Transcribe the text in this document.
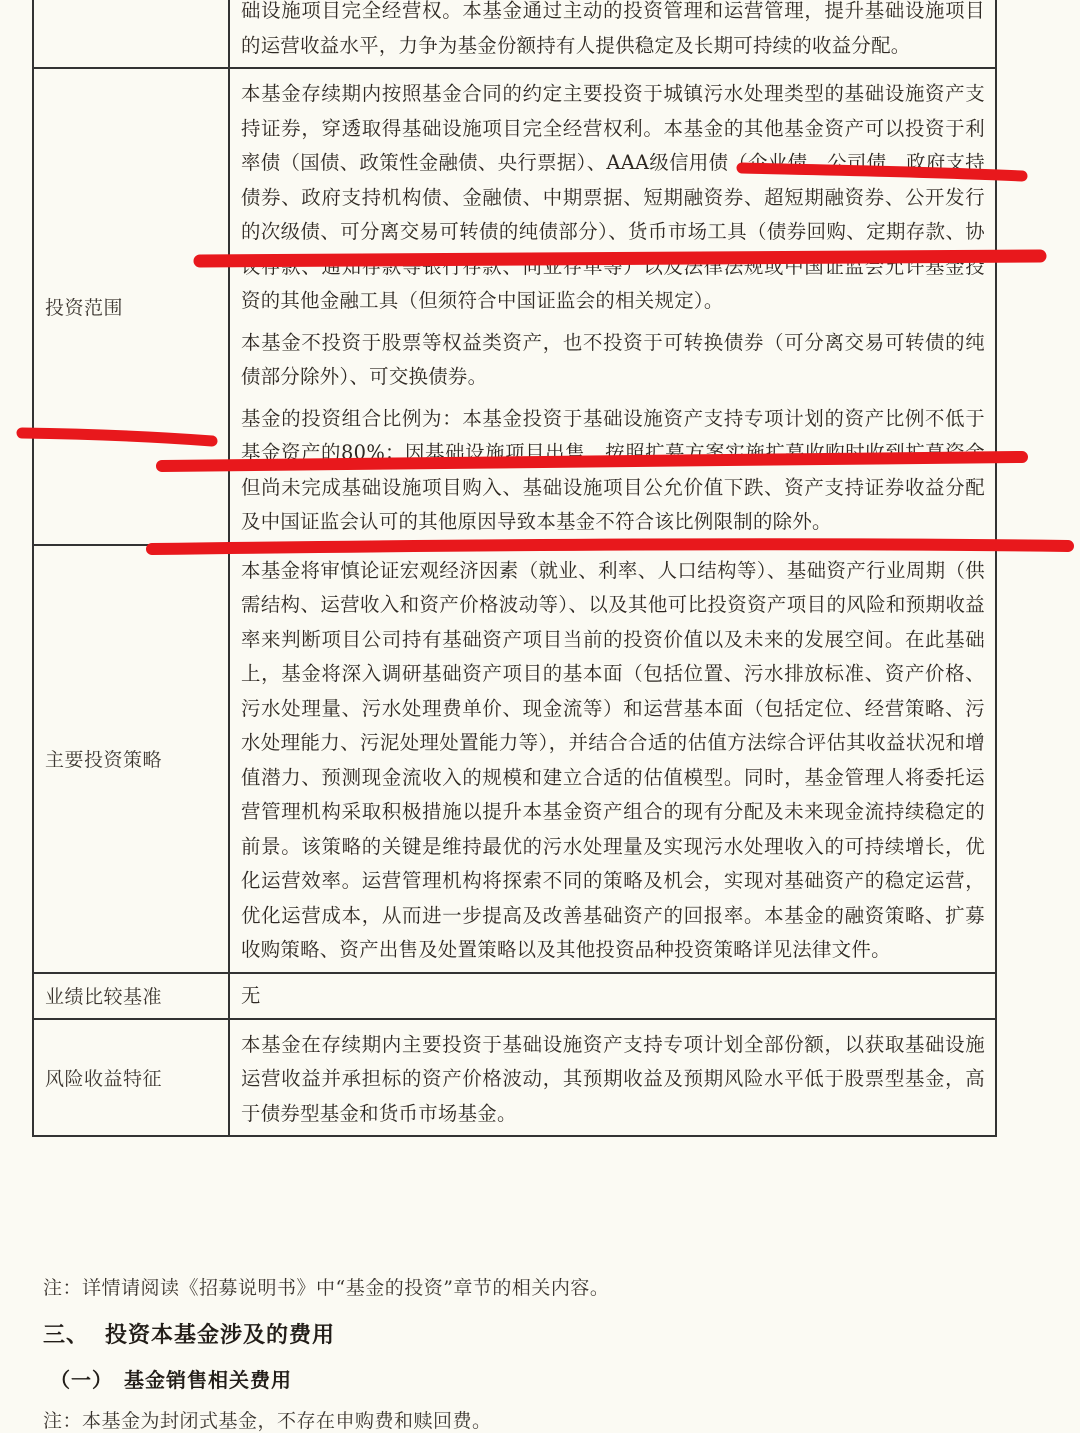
	础设施项目完全经营权。本基金通过主动的投资管理和运营管理，提升基础设施项目的运营收益水平，力争为基金份额持有人提供稳定及长期可持续的收益分配。

投资范围	本基金存续期内按照基金合同的约定主要投资于城镇污水处理类型的基础设施资产支持证券，穿透取得基础设施项目完全经营权利。本基金的其他基金资产可以投资于利率债（国债、政策性金融债、央行票据）、AAA级信用债（企业债、公司债、政府支持债券、政府支持机构债、金融债、中期票据、短期融资券、超短期融资券、公开发行的次级债、可分离交易可转债的纯债部分）、货币市场工具（债券回购、定期存款、协议存款、通知存款等银行存款、同业存单等）以及法律法规或中国证监会允许基金投资的其他金融工具（但须符合中国证监会的相关规定）。

本基金不投资于股票等权益类资产，也不投资于可转换债券（可分离交易可转债的纯债部分除外）、可交换债券。

基金的投资组合比例为：本基金投资于基础设施资产支持专项计划的资产比例不低于基金资产的80%；因基础设施项目出售、按照扩募方案实施扩募收购时收到扩募资金但尚未完成基础设施项目购入、基础设施项目公允价值下跌、资产支持证券收益分配及中国证监会认可的其他原因导致本基金不符合该比例限制的除外。

主要投资策略	本基金将审慎论证宏观经济因素（就业、利率、人口结构等）、基础资产行业周期（供需结构、运营收入和资产价格波动等）、以及其他可比投资资产项目的风险和预期收益率来判断项目公司持有基础资产项目当前的投资价值以及未来的发展空间。在此基础上，基金将深入调研基础资产项目的基本面（包括位置、污水排放标准、资产价格、污水处理量、污水处理费单价、现金流等）和运营基本面（包括定位、经营策略、污水处理能力、污泥处理处置能力等），并结合合适的估值方法综合评估其收益状况和增值潜力、预测现金流收入的规模和建立合适的估值模型。同时，基金管理人将委托运营管理机构采取积极措施以提升本基金资产组合的现有分配及未来现金流持续稳定的前景。该策略的关键是维持最优的污水处理量及实现污水处理收入的可持续增长，优化运营效率。运营管理机构将探索不同的策略及机会，实现对基础资产的稳定运营，优化运营成本，从而进一步提高及改善基础资产的回报率。本基金的融资策略、扩募收购策略、资产出售及处置策略以及其他投资品种投资策略详见法律文件。

业绩比较基准	无

风险收益特征	本基金在存续期内主要投资于基础设施资产支持专项计划全部份额，以获取基础设施运营收益并承担标的资产价格波动，其预期收益及预期风险水平低于股票型基金，高于债券型基金和货币市场基金。

注：详情请阅读《招募说明书》中“基金的投资”章节的相关内容。
三、 投资本基金涉及的费用
（一） 基金销售相关费用
注：本基金为封闭式基金，不存在申购费和赎回费。
